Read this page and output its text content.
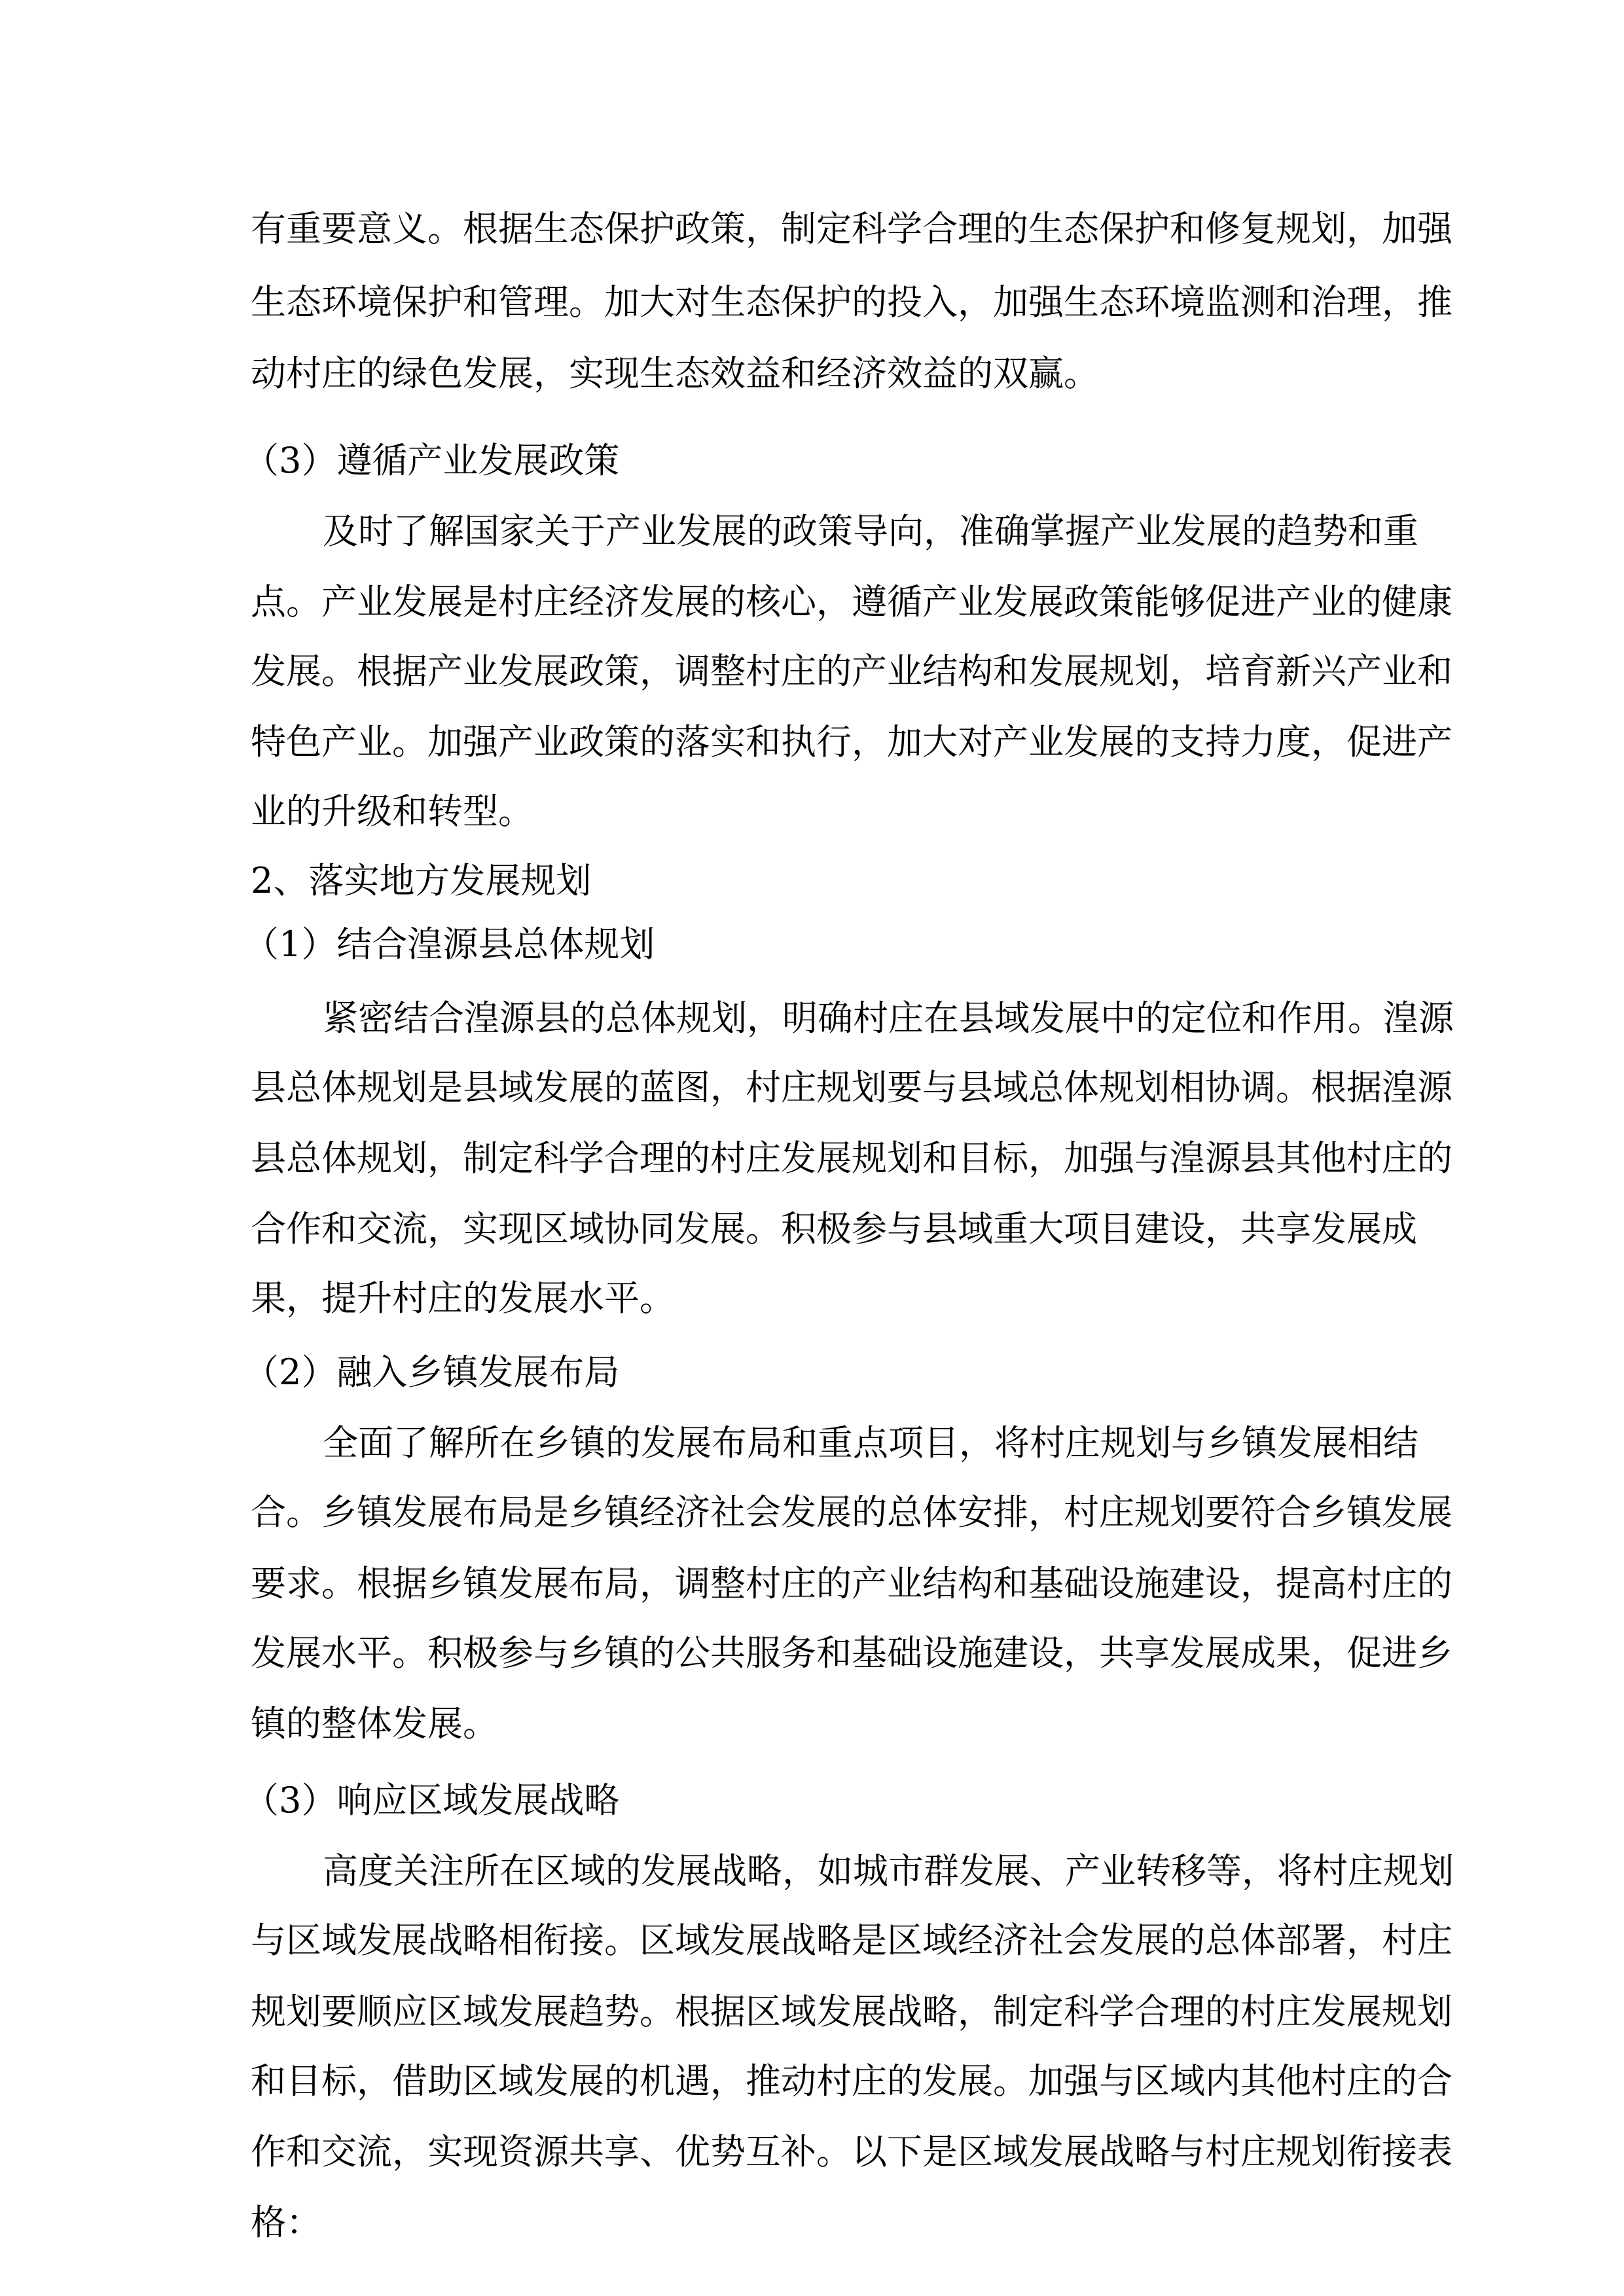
有重要意义。根据生态保护政策，制定科学合理的生态保护和修复规划，加强
生态环境保护和管理。加大对生态保护的投入，加强生态环境监测和治理，推
动村庄的绿色发展，实现生态效益和经济效益的双赢。
（3）遵循产业发展政策
及时了解国家关于产业发展的政策导向，准确掌握产业发展的趋势和重
点。产业发展是村庄经济发展的核心，遵循产业发展政策能够促进产业的健康
发展。根据产业发展政策，调整村庄的产业结构和发展规划，培育新兴产业和
特色产业。加强产业政策的落实和执行，加大对产业发展的支持力度，促进产
业的升级和转型。
2、落实地方发展规划
（1）结合湟源县总体规划
紧密结合湟源县的总体规划，明确村庄在县域发展中的定位和作用。湟源
县总体规划是县域发展的蓝图，村庄规划要与县域总体规划相协调。根据湟源
县总体规划，制定科学合理的村庄发展规划和目标，加强与湟源县其他村庄的
合作和交流，实现区域协同发展。积极参与县域重大项目建设，共享发展成
果，提升村庄的发展水平。
（2）融入乡镇发展布局
全面了解所在乡镇的发展布局和重点项目，将村庄规划与乡镇发展相结
合。乡镇发展布局是乡镇经济社会发展的总体安排，村庄规划要符合乡镇发展
要求。根据乡镇发展布局，调整村庄的产业结构和基础设施建设，提高村庄的
发展水平。积极参与乡镇的公共服务和基础设施建设，共享发展成果，促进乡
镇的整体发展。
（3）响应区域发展战略
高度关注所在区域的发展战略，如城市群发展、产业转移等，将村庄规划
与区域发展战略相衔接。区域发展战略是区域经济社会发展的总体部署，村庄
规划要顺应区域发展趋势。根据区域发展战略，制定科学合理的村庄发展规划
和目标，借助区域发展的机遇，推动村庄的发展。加强与区域内其他村庄的合
作和交流，实现资源共享、优势互补。以下是区域发展战略与村庄规划衔接表
格：
